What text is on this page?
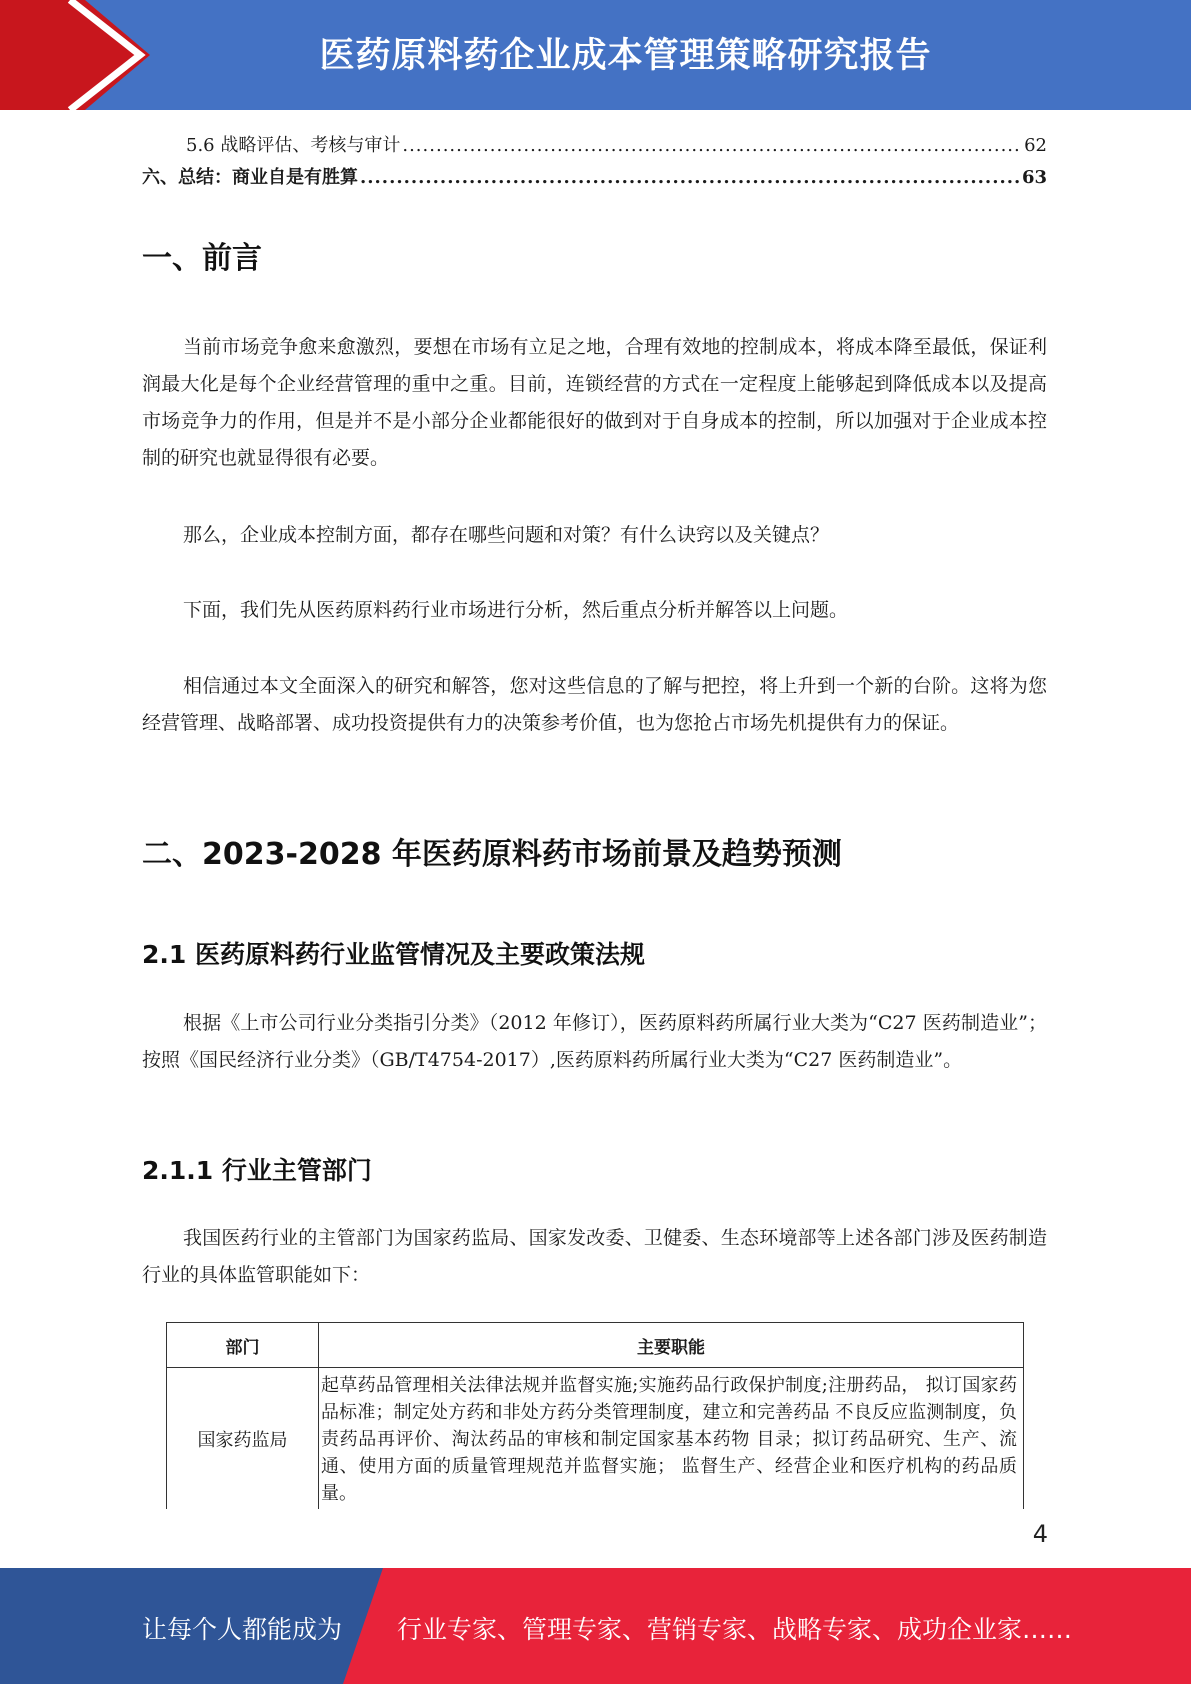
医药原料药企业成本管理策略研究报告
5.6 战略评估、考核与审计 .....	62
六、总结：商业自是有胜算 .....	63
一、前言

当前市场竞争愈来愈激烈，要想在市场有立足之地，合理有效地的控制成本，将成本降至最低，保证利润最大化是每个企业经营管理的重中之重。目前，连锁经营的方式在一定程度上能够起到降低成本以及提高市场竞争力的作用，但是并不是小部分企业都能很好的做到对于自身成本的控制，所以加强对于企业成本控制的研究也就显得很有必要。

那么，企业成本控制方面，都存在哪些问题和对策？有什么诀窍以及关键点？

下面，我们先从医药原料药行业市场进行分析，然后重点分析并解答以上问题。

相信通过本文全面深入的研究和解答，您对这些信息的了解与把控，将上升到一个新的台阶。这将为您经营管理、战略部署、成功投资提供有力的决策参考价值，也为您抢占市场先机提供有力的保证。

二、2023-2028 年医药原料药市场前景及趋势预测
2.1 医药原料药行业监管情况及主要政策法规

根据《上市公司行业分类指引分类》（2012 年修订），医药原料药所属行业大类为“C27 医药制造业”；按照《国民经济行业分类》（GB/T4754-2017）,医药原料药所属行业大类为“C27 医药制造业”。

2.1.1 行业主管部门

我国医药行业的主管部门为国家药监局、国家发改委、卫健委、生态环境部等上述各部门涉及医药制造行业的具体监管职能如下：

部门	主要职能
国家药监局	起草药品管理相关法律法规并监督实施;实施药品行政保护制度;注册药品， 拟订国家药品标准；制定处方药和非处方药分类管理制度，建立和完善药品 不良反应监测制度，负责药品再评价、淘汰药品的审核和制定国家基本药物 目录；拟订药品研究、生产、流通、使用方面的质量管理规范并监督实施； 监督生产、经营企业和医疗机构的药品质量。
4
让每个人都能成为 行业专家、管理专家、营销专家、战略专家、成功企业家……
